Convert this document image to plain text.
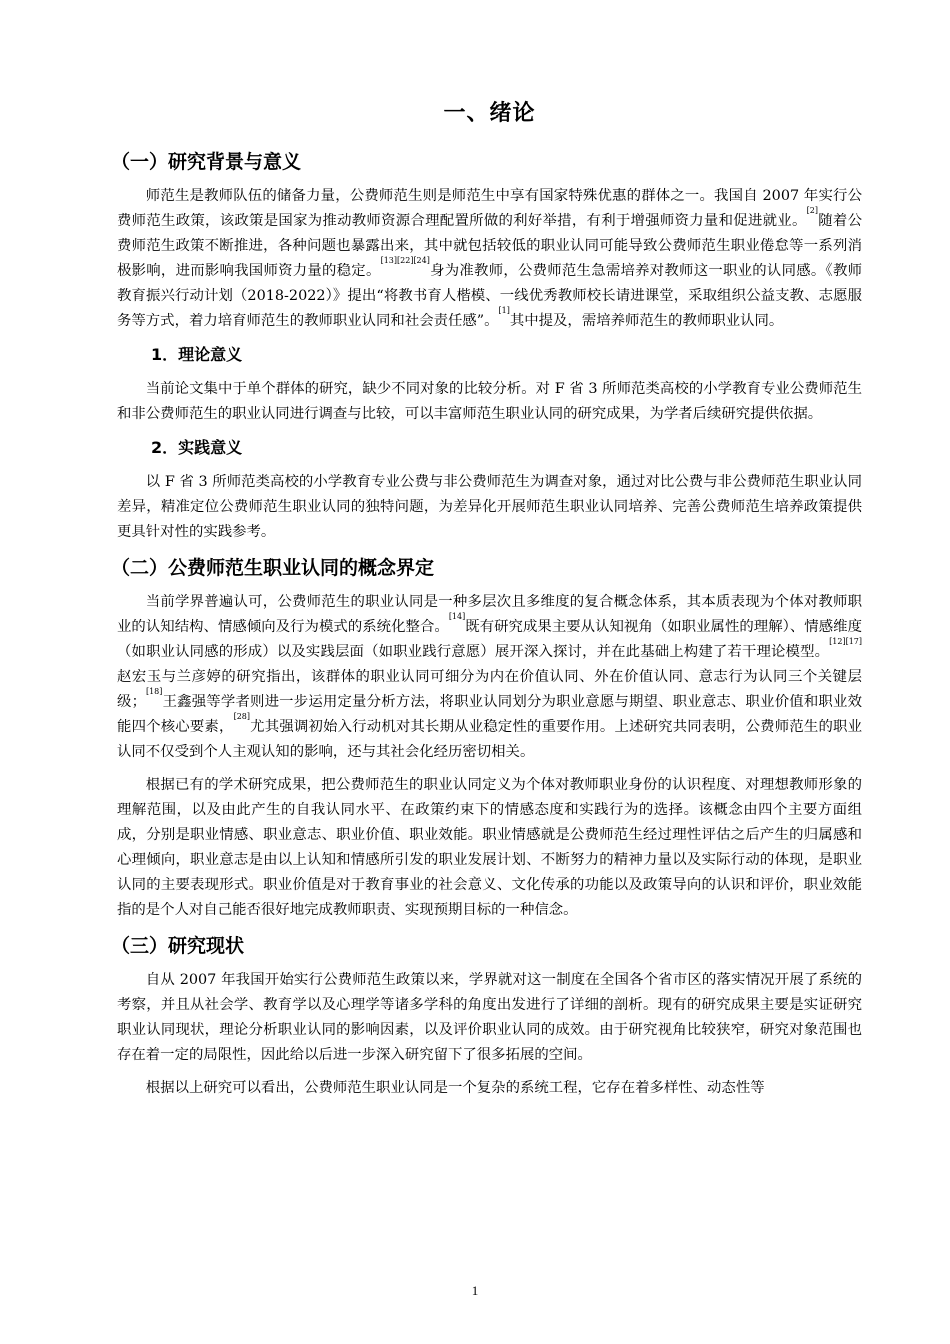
一、绪论
（一）研究背景与意义

师范生是教师队伍的储备力量，公费师范生则是师范生中享有国家特殊优惠的群体之一。我国自 2007 年实行公费师范生政策，该政策是国家为推动教师资源合理配置所做的利好举措，有利于增强师资力量和促进就业。[2]随着公费师范生政策不断推进，各种问题也暴露出来，其中就包括较低的职业认同可能导致公费师范生职业倦怠等一系列消极影响，进而影响我国师资力量的稳定。[13][22][24]身为准教师，公费师范生急需培养对教师这一职业的认同感。《教师教育振兴行动计划（2018-2022）》提出“将教书育人楷模、一线优秀教师校长请进课堂，采取组织公益支教、志愿服务等方式，着力培育师范生的教师职业认同和社会责任感”。[1]其中提及，需培养师范生的教师职业认同。

1．理论意义

当前论文集中于单个群体的研究，缺少不同对象的比较分析。对 F 省 3 所师范类高校的小学教育专业公费师范生和非公费师范生的职业认同进行调查与比较，可以丰富师范生职业认同的研究成果，为学者后续研究提供依据。

2．实践意义

以 F 省 3 所师范类高校的小学教育专业公费与非公费师范生为调查对象，通过对比公费与非公费师范生职业认同差异，精准定位公费师范生职业认同的独特问题，为差异化开展师范生职业认同培养、完善公费师范生培养政策提供更具针对性的实践参考。

（二）公费师范生职业认同的概念界定

当前学界普遍认可，公费师范生的职业认同是一种多层次且多维度的复合概念体系，其本质表现为个体对教师职业的认知结构、情感倾向及行为模式的系统化整合。[14]既有研究成果主要从认知视角（如职业属性的理解）、情感维度（如职业认同感的形成）以及实践层面（如职业践行意愿）展开深入探讨，并在此基础上构建了若干理论模型。[12][17]赵宏玉与兰彦婷的研究指出，该群体的职业认同可细分为内在价值认同、外在价值认同、意志行为认同三个关键层级；[18]王鑫强等学者则进一步运用定量分析方法，将职业认同划分为职业意愿与期望、职业意志、职业价值和职业效能四个核心要素，[28]尤其强调初始入行动机对其长期从业稳定性的重要作用。上述研究共同表明，公费师范生的职业认同不仅受到个人主观认知的影响，还与其社会化经历密切相关。

根据已有的学术研究成果，把公费师范生的职业认同定义为个体对教师职业身份的认识程度、对理想教师形象的理解范围，以及由此产生的自我认同水平、在政策约束下的情感态度和实践行为的选择。该概念由四个主要方面组成，分别是职业情感、职业意志、职业价值、职业效能。职业情感就是公费师范生经过理性评估之后产生的归属感和心理倾向，职业意志是由以上认知和情感所引发的职业发展计划、不断努力的精神力量以及实际行动的体现，是职业认同的主要表现形式。职业价值是对于教育事业的社会意义、文化传承的功能以及政策导向的认识和评价，职业效能指的是个人对自己能否很好地完成教师职责、实现预期目标的一种信念。

（三）研究现状

自从 2007 年我国开始实行公费师范生政策以来，学界就对这一制度在全国各个省市区的落实情况开展了系统的考察，并且从社会学、教育学以及心理学等诸多学科的角度出发进行了详细的剖析。现有的研究成果主要是实证研究职业认同现状，理论分析职业认同的影响因素，以及评价职业认同的成效。由于研究视角比较狭窄，研究对象范围也存在着一定的局限性，因此给以后进一步深入研究留下了很多拓展的空间。

根据以上研究可以看出，公费师范生职业认同是一个复杂的系统工程，它存在着多样性、动态性等

1
